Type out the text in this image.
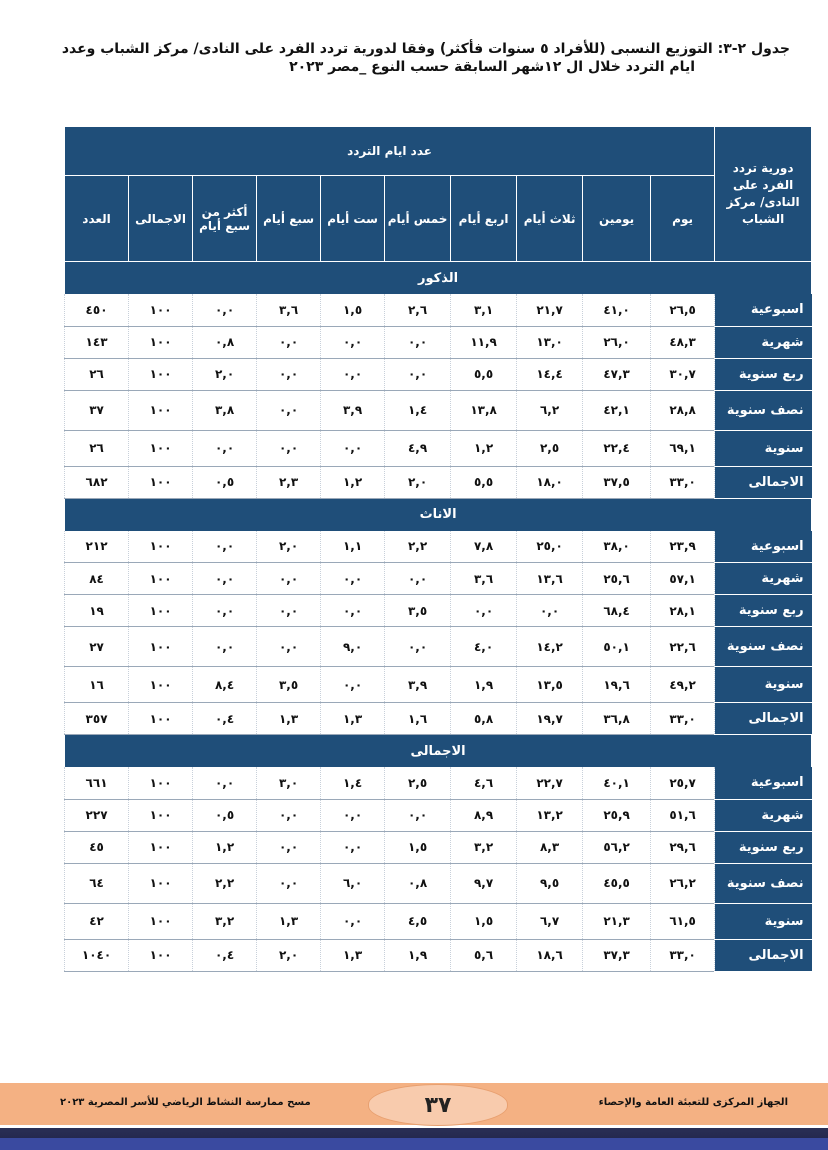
جدول ٢-٣: التوزيع النسبى (للأفراد ٥ سنوات فأكثر) وفقا لدورية تردد الفرد على النادى/ مركز الشباب وعدد
ايام التردد خلال ال ١٢شهر السابقة حسب النوع _مصر ٢٠٢٣
دورية تردد الفرد على النادى/ مركز الشباب	عدد ايام التردد									
	يوم	يومين	ثلاث أيام	اربع أيام	خمس أيام	ست أيام	سبع أيام	أكثر من سبع أيام	الاجمالى	العدد
الذكور										
اسبوعية	٢٦,٥	٤١,٠	٢١,٧	٣,١	٢,٦	١,٥	٣,٦	٠,٠	١٠٠	٤٥٠
شهرية	٤٨,٣	٢٦,٠	١٣,٠	١١,٩	٠,٠	٠,٠	٠,٠	٠,٨	١٠٠	١٤٣
ربع سنوية	٣٠,٧	٤٧,٣	١٤,٤	٥,٥	٠,٠	٠,٠	٠,٠	٢,٠	١٠٠	٢٦
نصف سنوية	٢٨,٨	٤٢,١	٦,٢	١٣,٨	١,٤	٣,٩	٠,٠	٣,٨	١٠٠	٣٧
سنوية	٦٩,١	٢٢,٤	٢,٥	١,٢	٤,٩	٠,٠	٠,٠	٠,٠	١٠٠	٢٦
الاجمالى	٣٣,٠	٣٧,٥	١٨,٠	٥,٥	٢,٠	١,٢	٢,٣	٠,٥	١٠٠	٦٨٢
الاناث										
اسبوعية	٢٣,٩	٣٨,٠	٢٥,٠	٧,٨	٢,٢	١,١	٢,٠	٠,٠	١٠٠	٢١٢
شهرية	٥٧,١	٢٥,٦	١٣,٦	٣,٦	٠,٠	٠,٠	٠,٠	٠,٠	١٠٠	٨٤
ربع سنوية	٢٨,١	٦٨,٤	٠,٠	٠,٠	٣,٥	٠,٠	٠,٠	٠,٠	١٠٠	١٩
نصف سنوية	٢٢,٦	٥٠,١	١٤,٢	٤,٠	٠,٠	٩,٠	٠,٠	٠,٠	١٠٠	٢٧
سنوية	٤٩,٢	١٩,٦	١٣,٥	١,٩	٣,٩	٠,٠	٣,٥	٨,٤	١٠٠	١٦
الاجمالى	٣٣,٠	٣٦,٨	١٩,٧	٥,٨	١,٦	١,٣	١,٣	٠,٤	١٠٠	٣٥٧
الاجمالى										
اسبوعية	٢٥,٧	٤٠,١	٢٢,٧	٤,٦	٢,٥	١,٤	٣,٠	٠,٠	١٠٠	٦٦١
شهرية	٥١,٦	٢٥,٩	١٣,٢	٨,٩	٠,٠	٠,٠	٠,٠	٠,٥	١٠٠	٢٢٧
ربع سنوية	٢٩,٦	٥٦,٢	٨,٣	٣,٢	١,٥	٠,٠	٠,٠	١,٢	١٠٠	٤٥
نصف سنوية	٢٦,٢	٤٥,٥	٩,٥	٩,٧	٠,٨	٦,٠	٠,٠	٢,٢	١٠٠	٦٤
سنوية	٦١,٥	٢١,٣	٦,٧	١,٥	٤,٥	٠,٠	١,٣	٣,٢	١٠٠	٤٢
الاجمالى	٣٣,٠	٣٧,٣	١٨,٦	٥,٦	١,٩	١,٣	٢,٠	٠,٤	١٠٠	١٠٤٠
مسح ممارسة النشاط الرياضي للأسر المصرية ٢٠٢٣	الجهاز المركزى للتعبئة العامة والإحصاء
٣٧
